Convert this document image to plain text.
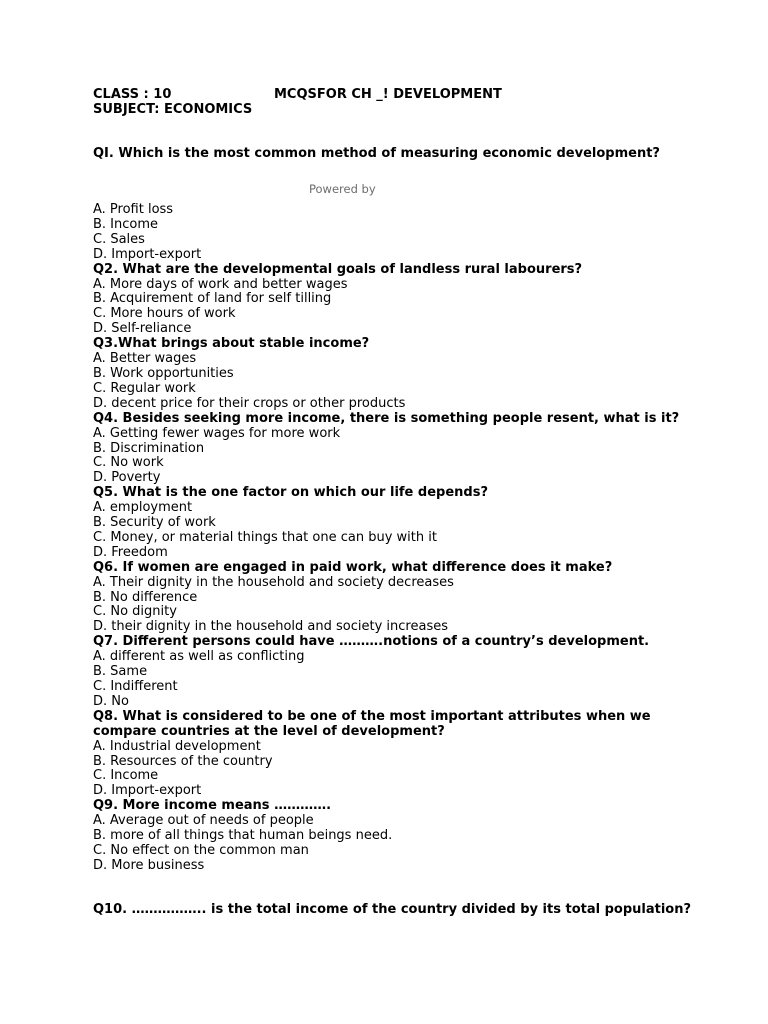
CLASS : 10	MCQSFOR CH _! DEVELOPMENT
SUBJECT: ECONOMICS
QI. Which is the most common method of measuring economic development?
Powered by
A. Profit loss
B. Income
C. Sales
D. Import-export
Q2. What are the developmental goals of landless rural labourers?
A. More days of work and better wages
B. Acquirement of land for self tilling
C. More hours of work
D. Self-reliance
Q3.What brings about stable income?
A. Better wages
B. Work opportunities
C. Regular work
D. decent price for their crops or other products
Q4. Besides seeking more income, there is something people resent, what is it?
A. Getting fewer wages for more work
B. Discrimination
C. No work
D. Poverty
Q5. What is the one factor on which our life depends?
A. employment
B. Security of work
C. Money, or material things that one can buy with it
D. Freedom
Q6. If women are engaged in paid work, what difference does it make?
A. Their dignity in the household and society decreases
B. No difference
C. No dignity
D. their dignity in the household and society increases
Q7. Different persons could have ……….notions of a country’s development.
A. different as well as conflicting
B. Same
C. Indifferent
D. No
Q8. What is considered to be one of the most important attributes when we compare countries at the level of development?
A. Industrial development
B. Resources of the country
C. Income
D. Import-export
Q9. More income means ………….
A. Average out of needs of people
B. more of all things that human beings need.
C. No effect on the common man
D. More business
Q10. …………….. is the total income of the country divided by its total population?
